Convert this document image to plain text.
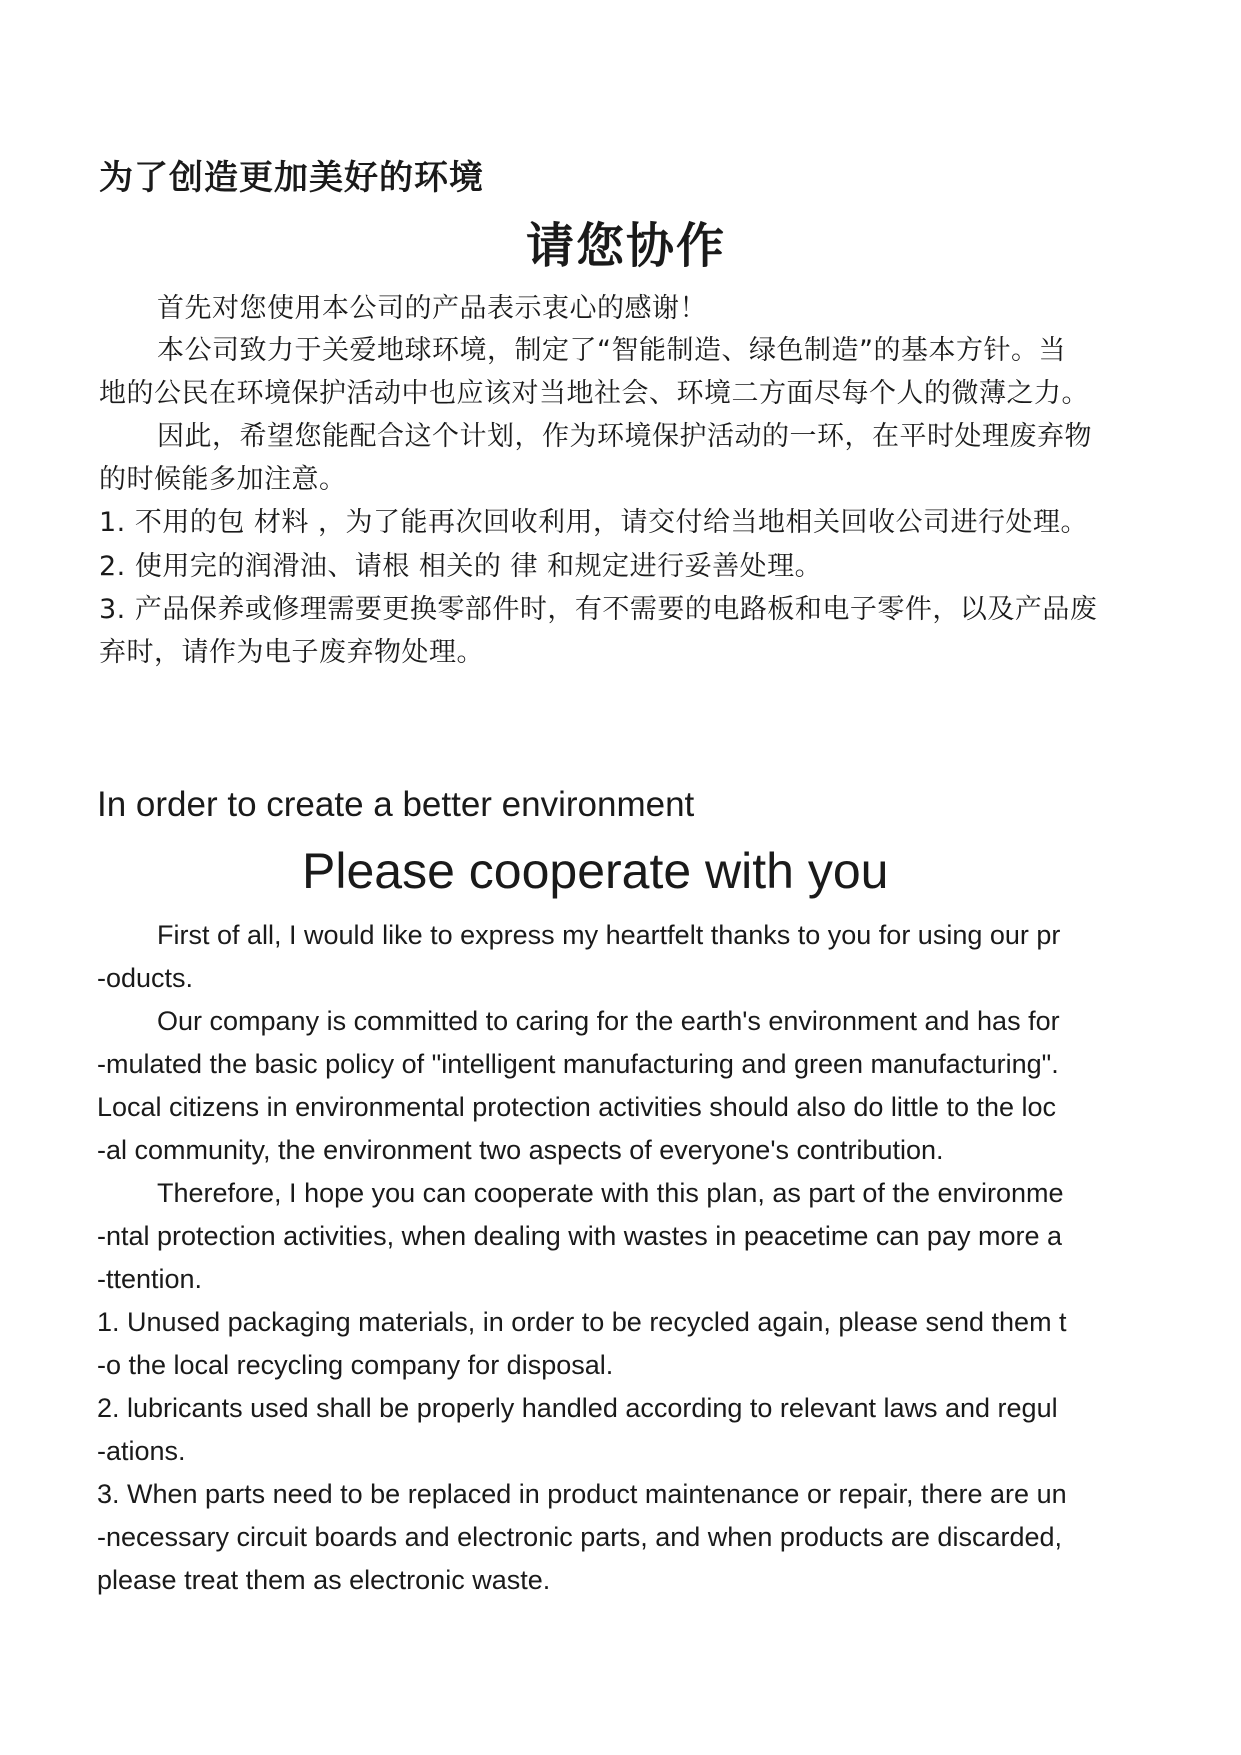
为了创造更加美好的环境
请您协作
首先对您使用本公司的产品表示衷心的感谢！
本公司致力于关爱地球环境，制定了“智能制造、绿色制造”的基本方针。当
地的公民在环境保护活动中也应该对当地社会、环境二方面尽每个人的微薄之力。
因此，希望您能配合这个计划，作为环境保护活动的一环，在平时处理废弃物
的时候能多加注意。
1. 不用的包 材料 ，为了能再次回收利用，请交付给当地相关回收公司进行处理。
2. 使用完的润滑油、请根 相关的 律 和规定进行妥善处理。
3. 产品保养或修理需要更换零部件时，有不需要的电路板和电子零件，以及产品废
弃时，请作为电子废弃物处理。
In order to create a better environment
Please cooperate with you
First of all, I would like to express my heartfelt thanks to you for using our pr
-oducts.
Our company is committed to caring for the earth's environment and has for
-mulated the basic policy of "intelligent manufacturing and green manufacturing".
Local citizens in environmental protection activities should also do little to the loc
-al community, the environment two aspects of everyone's contribution.
Therefore, I hope you can cooperate with this plan, as part of the environme
-ntal protection activities, when dealing with wastes in peacetime can pay more a
-ttention.
1. Unused packaging materials, in order to be recycled again, please send them t
-o the local recycling company for disposal.
2. lubricants used shall be properly handled according to relevant laws and regul
-ations.
3. When parts need to be replaced in product maintenance or repair, there are un
-necessary circuit boards and electronic parts, and when products are discarded,
please treat them as electronic waste.
